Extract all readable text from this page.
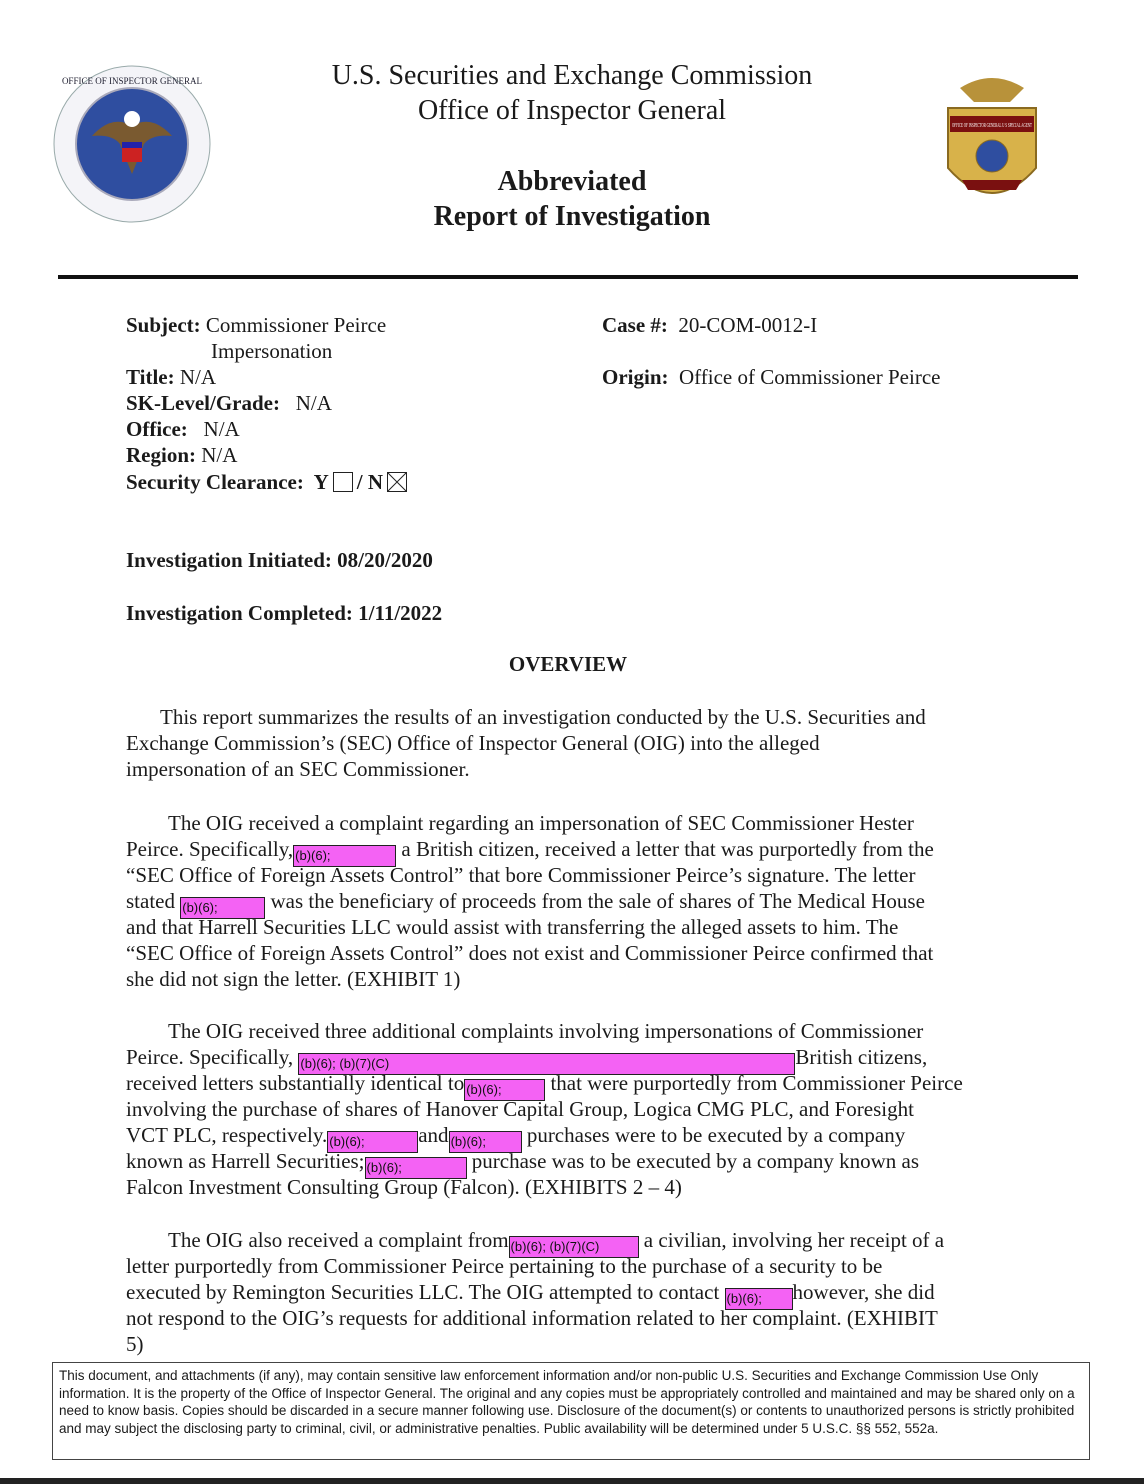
OFFICE OF INSPECTOR GENERAL
OFFICE OF INSPECTOR GENERAL U S SPECIAL AGENT
U.S. Securities and Exchange Commission
Office of Inspector General
Abbreviated
Report of Investigation
Subject: Commissioner Peirce
Impersonation
Title: N/A
SK-Level/Grade: N/A
Office: N/A
Region: N/A
Security Clearance: Y / N
Case #: 20-COM-0012-I
Origin: Office of Commissioner Peirce
Investigation Initiated: 08/20/2020
Investigation Completed: 1/11/2022
OVERVIEW
This report summarizes the results of an investigation conducted by the U.S. Securities and
Exchange Commission’s (SEC) Office of Inspector General (OIG) into the alleged
impersonation of an SEC Commissioner.
The OIG received a complaint regarding an impersonation of SEC Commissioner Hester
Peirce. Specifically, (b)(6);	a British citizen, received a letter that was purportedly from the
“SEC Office of Foreign Assets Control” that bore Commissioner Peirce’s signature. The letter
stated (b)(6); was the beneficiary of proceeds from the sale of shares of The Medical House
and that Harrell Securities LLC would assist with transferring the alleged assets to him. The
“SEC Office of Foreign Assets Control” does not exist and Commissioner Peirce confirmed that
she did not sign the letter. (EXHIBIT 1)
The OIG received three additional complaints involving impersonations of Commissioner
Peirce. Specifically, (b)(6); (b)(7)(C)	British citizens,
received letters substantially identical to (b)(6); that were purportedly from Commissioner Peirce
involving the purchase of shares of Hanover Capital Group, Logica CMG PLC, and Foresight
VCT PLC, respectively. (b)(6);	and (b)(6); purchases were to be executed by a company
known as Harrell Securities; (b)(6);	purchase was to be executed by a company known as
Falcon Investment Consulting Group (Falcon). (EXHIBITS 2 – 4)
The OIG also received a complaint from (b)(6); (b)(7)(C) a civilian, involving her receipt of a
letter purportedly from Commissioner Peirce pertaining to the purchase of a security to be
executed by Remington Securities LLC. The OIG attempted to contact (b)(6); however, she did
not respond to the OIG’s requests for additional information related to her complaint. (EXHIBIT
5)
This document, and attachments (if any), may contain sensitive law enforcement information and/or non-public U.S. Securities and Exchange Commission Use Only information. It is the property of the Office of Inspector General. The original and any copies must be appropriately controlled and maintained and may be shared only on a need to know basis. Copies should be discarded in a secure manner following use. Disclosure of the document(s) or contents to unauthorized persons is strictly prohibited and may subject the disclosing party to criminal, civil, or administrative penalties. Public availability will be determined under 5 U.S.C. §§ 552, 552a.
